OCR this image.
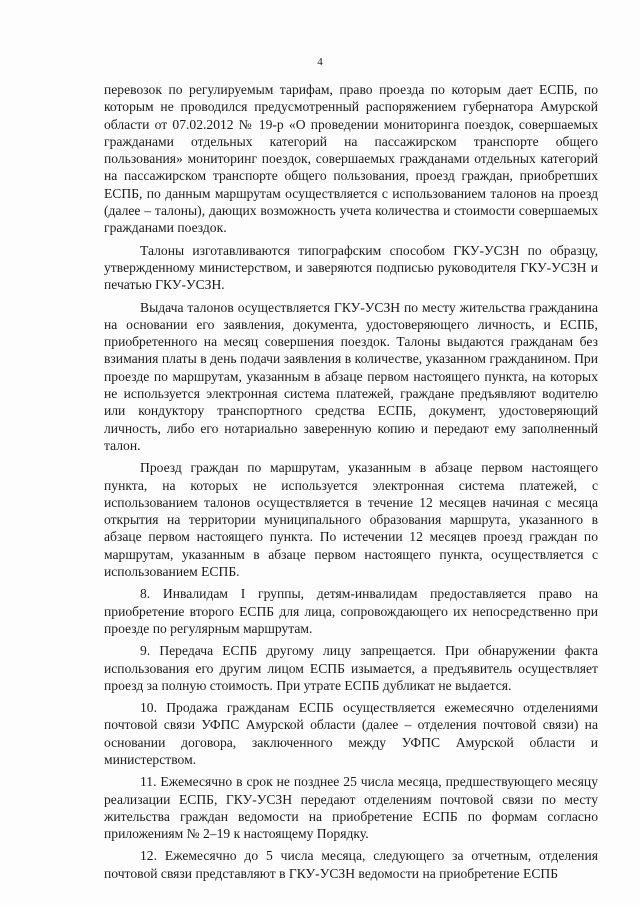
4

перевозок по регулируемым тарифам, право проезда по которым дает ЕСПБ, по которым не проводился предусмотренный распоряжением губернатора Амурской области от 07.02.2012 № 19-р «О проведении мониторинга поездок, совершаемых гражданами отдельных категорий на пассажирском транспорте общего пользования» мониторинг поездок, совершаемых гражданами отдельных категорий на пассажирском транспорте общего пользования, проезд граждан, приобретших ЕСПБ, по данным маршрутам осуществляется с использованием талонов на проезд (далее – талоны), дающих возможность учета количества и стоимости совершаемых гражданами поездок.

Талоны изготавливаются типографским способом ГКУ-УСЗН по образцу, утвержденному министерством, и заверяются подписью руководителя ГКУ-УСЗН и печатью ГКУ-УСЗН.

Выдача талонов осуществляется ГКУ-УСЗН по месту жительства гражданина на основании его заявления, документа, удостоверяющего личность, и ЕСПБ, приобретенного на месяц совершения поездок. Талоны выдаются гражданам без взимания платы в день подачи заявления в количестве, указанном гражданином. При проезде по маршрутам, указанным в абзаце первом настоящего пункта, на которых не используется электронная система платежей, граждане предъявляют водителю или кондуктору транспортного средства ЕСПБ, документ, удостоверяющий личность, либо его нотариально заверенную копию и передают ему заполненный талон.

Проезд граждан по маршрутам, указанным в абзаце первом настоящего пункта, на которых не используется электронная система платежей, с использованием талонов осуществляется в течение 12 месяцев начиная с месяца открытия на территории муниципального образования маршрута, указанного в абзаце первом настоящего пункта. По истечении 12 месяцев проезд граждан по маршрутам, указанным в абзаце первом настоящего пункта, осуществляется с использованием ЕСПБ.

8. Инвалидам I группы, детям-инвалидам предоставляется право на приобретение второго ЕСПБ для лица, сопровождающего их непосредственно при проезде по регулярным маршрутам.

9. Передача ЕСПБ другому лицу запрещается. При обнаружении факта использования его другим лицом ЕСПБ изымается, а предъявитель осуществляет проезд за полную стоимость. При утрате ЕСПБ дубликат не выдается.

10. Продажа гражданам ЕСПБ осуществляется ежемесячно отделениями почтовой связи УФПС Амурской области (далее – отделения почтовой связи) на основании договора, заключенного между УФПС Амурской области и министерством.

11. Ежемесячно в срок не позднее 25 числа месяца, предшествующего месяцу реализации ЕСПБ, ГКУ-УСЗН передают отделениям почтовой связи по месту жительства граждан ведомости на приобретение ЕСПБ по формам согласно приложениям № 2–19 к настоящему Порядку.

12. Ежемесячно до 5 числа месяца, следующего за отчетным, отделения почтовой связи представляют в ГКУ-УСЗН ведомости на приобретение ЕСПБ
